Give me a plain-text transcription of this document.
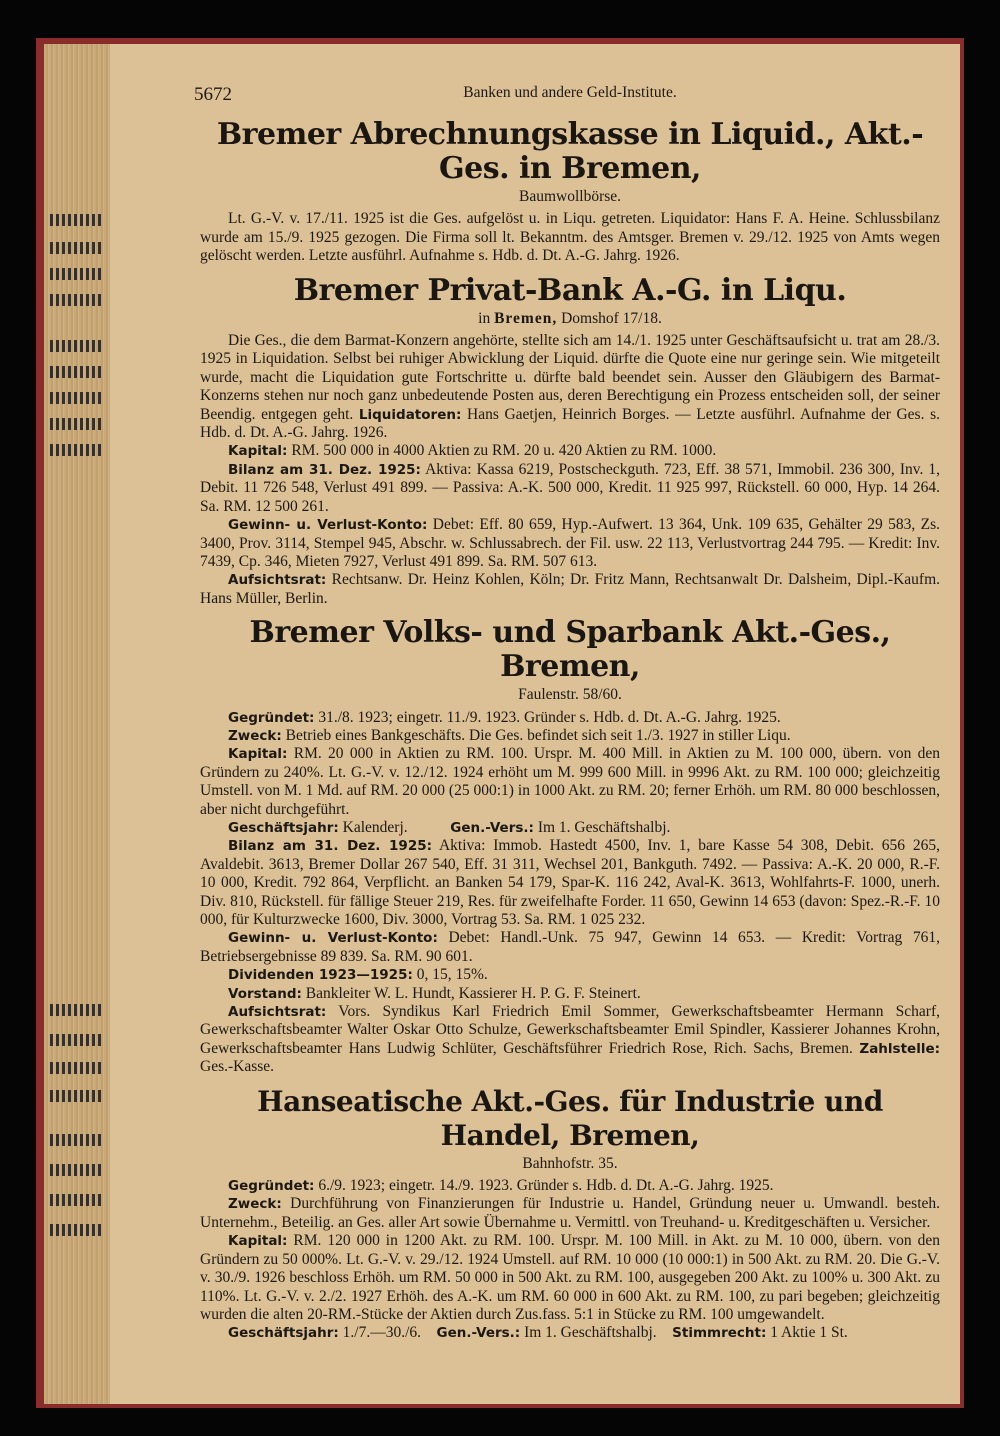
5672	Banken und andere Geld-Institute.
Bremer Abrechnungskasse in Liquid., Akt.-Ges. in Bremen,
Baumwollbörse.

Lt. G.-V. v. 17./11. 1925 ist die Ges. aufgelöst u. in Liqu. getreten. Liquidator: Hans F. A. Heine. Schlussbilanz wurde am 15./9. 1925 gezogen. Die Firma soll lt. Bekanntm. des Amtsger. Bremen v. 29./12. 1925 von Amts wegen gelöscht werden. Letzte ausführl. Aufnahme s. Hdb. d. Dt. A.-G. Jahrg. 1926.

Bremer Privat-Bank A.-G. in Liqu.
in Bremen, Domshof 17/18.

Die Ges., die dem Barmat-Konzern angehörte, stellte sich am 14./1. 1925 unter Geschäftsaufsicht u. trat am 28./3. 1925 in Liquidation. Selbst bei ruhiger Abwicklung der Liquid. dürfte die Quote eine nur geringe sein. Wie mitgeteilt wurde, macht die Liquidation gute Fortschritte u. dürfte bald beendet sein. Ausser den Gläubigern des Barmat-Konzerns stehen nur noch ganz unbedeutende Posten aus, deren Berechtigung ein Prozess entscheiden soll, der seiner Beendig. entgegen geht. Liquidatoren: Hans Gaetjen, Heinrich Borges. — Letzte ausführl. Aufnahme der Ges. s. Hdb. d. Dt. A.-G. Jahrg. 1926.

Kapital: RM. 500 000 in 4000 Aktien zu RM. 20 u. 420 Aktien zu RM. 1000.

Bilanz am 31. Dez. 1925: Aktiva: Kassa 6219, Postscheckguth. 723, Eff. 38 571, Immobil. 236 300, Inv. 1, Debit. 11 726 548, Verlust 491 899. — Passiva: A.-K. 500 000, Kredit. 11 925 997, Rückstell. 60 000, Hyp. 14 264. Sa. RM. 12 500 261.

Gewinn- u. Verlust-Konto: Debet: Eff. 80 659, Hyp.-Aufwert. 13 364, Unk. 109 635, Gehälter 29 583, Zs. 3400, Prov. 3114, Stempel 945, Abschr. w. Schlussabrech. der Fil. usw. 22 113, Verlustvortrag 244 795. — Kredit: Inv. 7439, Cp. 346, Mieten 7927, Verlust 491 899. Sa. RM. 507 613.

Aufsichtsrat: Rechtsanw. Dr. Heinz Kohlen, Köln; Dr. Fritz Mann, Rechtsanwalt Dr. Dalsheim, Dipl.-Kaufm. Hans Müller, Berlin.

Bremer Volks- und Sparbank Akt.-Ges., Bremen,
Faulenstr. 58/60.

Gegründet: 31./8. 1923; eingetr. 11./9. 1923. Gründer s. Hdb. d. Dt. A.-G. Jahrg. 1925.

Zweck: Betrieb eines Bankgeschäfts. Die Ges. befindet sich seit 1./3. 1927 in stiller Liqu.

Kapital: RM. 20 000 in Aktien zu RM. 100. Urspr. M. 400 Mill. in Aktien zu M. 100 000, übern. von den Gründern zu 240%. Lt. G.-V. v. 12./12. 1924 erhöht um M. 999 600 Mill. in 9996 Akt. zu RM. 100 000; gleichzeitig Umstell. von M. 1 Md. auf RM. 20 000 (25 000:1) in 1000 Akt. zu RM. 20; ferner Erhöh. um RM. 80 000 beschlossen, aber nicht durchgeführt.

Geschäftsjahr: Kalenderj.	Gen.-Vers.: Im 1. Geschäftshalbj.

Bilanz am 31. Dez. 1925: Aktiva: Immob. Hastedt 4500, Inv. 1, bare Kasse 54 308, Debit. 656 265, Avaldebit. 3613, Bremer Dollar 267 540, Eff. 31 311, Wechsel 201, Bankguth. 7492. — Passiva: A.-K. 20 000, R.-F. 10 000, Kredit. 792 864, Verpflicht. an Banken 54 179, Spar-K. 116 242, Aval-K. 3613, Wohlfahrts-F. 1000, unerh. Div. 810, Rückstell. für fällige Steuer 219, Res. für zweifelhafte Forder. 11 650, Gewinn 14 653 (davon: Spez.-R.-F. 10 000, für Kulturzwecke 1600, Div. 3000, Vortrag 53. Sa. RM. 1 025 232.

Gewinn- u. Verlust-Konto: Debet: Handl.-Unk. 75 947, Gewinn 14 653. — Kredit: Vortrag 761, Betriebsergebnisse 89 839. Sa. RM. 90 601.

Dividenden 1923—1925: 0, 15, 15%.

Vorstand: Bankleiter W. L. Hundt, Kassierer H. P. G. F. Steinert.

Aufsichtsrat: Vors. Syndikus Karl Friedrich Emil Sommer, Gewerkschaftsbeamter Hermann Scharf, Gewerkschaftsbeamter Walter Oskar Otto Schulze, Gewerkschaftsbeamter Emil Spindler, Kassierer Johannes Krohn, Gewerkschaftsbeamter Hans Ludwig Schlüter, Geschäftsführer Friedrich Rose, Rich. Sachs, Bremen. Zahlstelle: Ges.-Kasse.

Hanseatische Akt.-Ges. für Industrie und Handel, Bremen,
Bahnhofstr. 35.

Gegründet: 6./9. 1923; eingetr. 14./9. 1923. Gründer s. Hdb. d. Dt. A.-G. Jahrg. 1925.

Zweck: Durchführung von Finanzierungen für Industrie u. Handel, Gründung neuer u. Umwandl. besteh. Unternehm., Beteilig. an Ges. aller Art sowie Übernahme u. Vermittl. von Treuhand- u. Kreditgeschäften u. Versicher.

Kapital: RM. 120 000 in 1200 Akt. zu RM. 100. Urspr. M. 100 Mill. in Akt. zu M. 10 000, übern. von den Gründern zu 50 000%. Lt. G.-V. v. 29./12. 1924 Umstell. auf RM. 10 000 (10 000:1) in 500 Akt. zu RM. 20. Die G.-V. v. 30./9. 1926 beschloss Erhöh. um RM. 50 000 in 500 Akt. zu RM. 100, ausgegeben 200 Akt. zu 100% u. 300 Akt. zu 110%. Lt. G.-V. v. 2./2. 1927 Erhöh. des A.-K. um RM. 60 000 in 600 Akt. zu RM. 100, zu pari begeben; gleichzeitig wurden die alten 20-RM.-Stücke der Aktien durch Zus.fass. 5:1 in Stücke zu RM. 100 umgewandelt.

Geschäftsjahr: 1./7.—30./6. Gen.-Vers.: Im 1. Geschäftshalbj. Stimmrecht: 1 Aktie 1 St.
